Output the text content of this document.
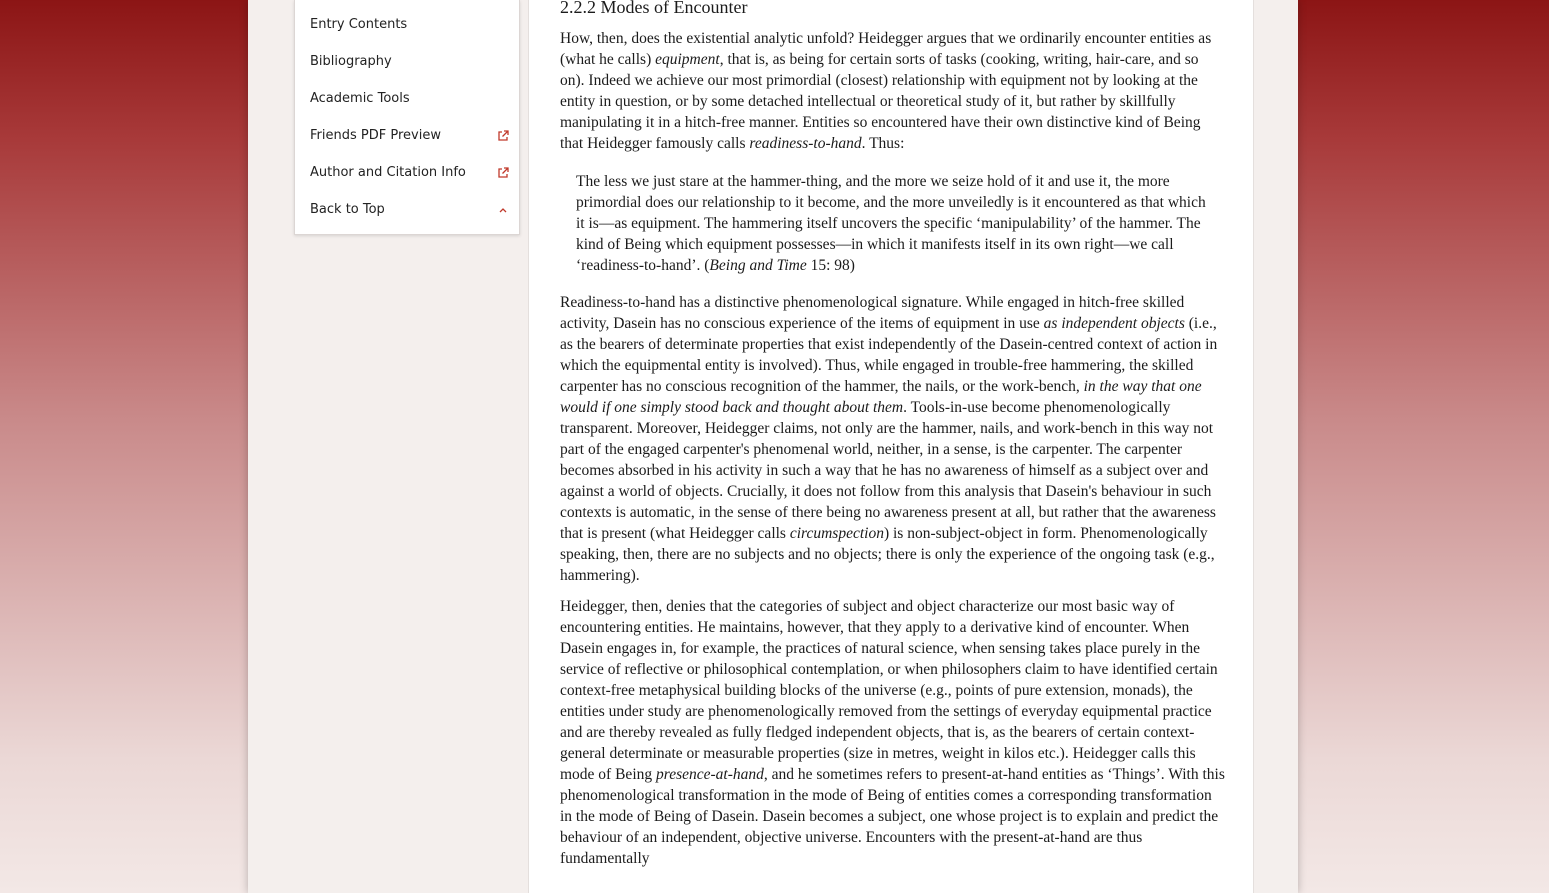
Entry Contents
Bibliography
Academic Tools
Friends PDF Preview
Author and Citation Info
Back to Top
2.2.2 Modes of Encounter

How, then, does the existential analytic unfold? Heidegger argues that we ordinarily encounter entities as (what he calls) equipment, that is, as being for certain sorts of tasks (cooking, writing, hair-care, and so on). Indeed we achieve our most primordial (closest) relationship with equipment not by looking at the entity in question, or by some detached intellectual or theoretical study of it, but rather by skillfully manipulating it in a hitch-free manner. Entities so encountered have their own distinctive kind of Being that Heidegger famously calls readiness-to-hand. Thus:

The less we just stare at the hammer-thing, and the more we seize hold of it and use it, the more primordial does our relationship to it become, and the more unveiledly is it encountered as that which it is—as equipment. The hammering itself uncovers the specific ‘manipulability’ of the hammer. The kind of Being which equipment possesses—in which it manifests itself in its own right—we call ‘readiness-to-hand’. (Being and Time 15: 98)

Readiness-to-hand has a distinctive phenomenological signature. While engaged in hitch-free skilled activity, Dasein has no conscious experience of the items of equipment in use as independent objects (i.e., as the bearers of determinate properties that exist independently of the Dasein-centred context of action in which the equipmental entity is involved). Thus, while engaged in trouble-free hammering, the skilled carpenter has no conscious recognition of the hammer, the nails, or the work-bench, in the way that one would if one simply stood back and thought about them. Tools-in-use become phenomenologically transparent. Moreover, Heidegger claims, not only are the hammer, nails, and work-bench in this way not part of the engaged carpenter's phenomenal world, neither, in a sense, is the carpenter. The carpenter becomes absorbed in his activity in such a way that he has no awareness of himself as a subject over and against a world of objects. Crucially, it does not follow from this analysis that Dasein's behaviour in such contexts is automatic, in the sense of there being no awareness present at all, but rather that the awareness that is present (what Heidegger calls circumspection) is non-subject-object in form. Phenomenologically speaking, then, there are no subjects and no objects; there is only the experience of the ongoing task (e.g., hammering).

Heidegger, then, denies that the categories of subject and object characterize our most basic way of encountering entities. He maintains, however, that they apply to a derivative kind of encounter. When Dasein engages in, for example, the practices of natural science, when sensing takes place purely in the service of reflective or philosophical contemplation, or when philosophers claim to have identified certain context-free metaphysical building blocks of the universe (e.g., points of pure extension, monads), the entities under study are phenomenologically removed from the settings of everyday equipmental practice and are thereby revealed as fully fledged independent objects, that is, as the bearers of certain context-general determinate or measurable properties (size in metres, weight in kilos etc.). Heidegger calls this mode of Being presence-at-hand, and he sometimes refers to present-at-hand entities as ‘Things’. With this phenomenological transformation in the mode of Being of entities comes a corresponding transformation in the mode of Being of Dasein. Dasein becomes a subject, one whose project is to explain and predict the behaviour of an independent, objective universe. Encounters with the present-at-hand are thus fundamentally
